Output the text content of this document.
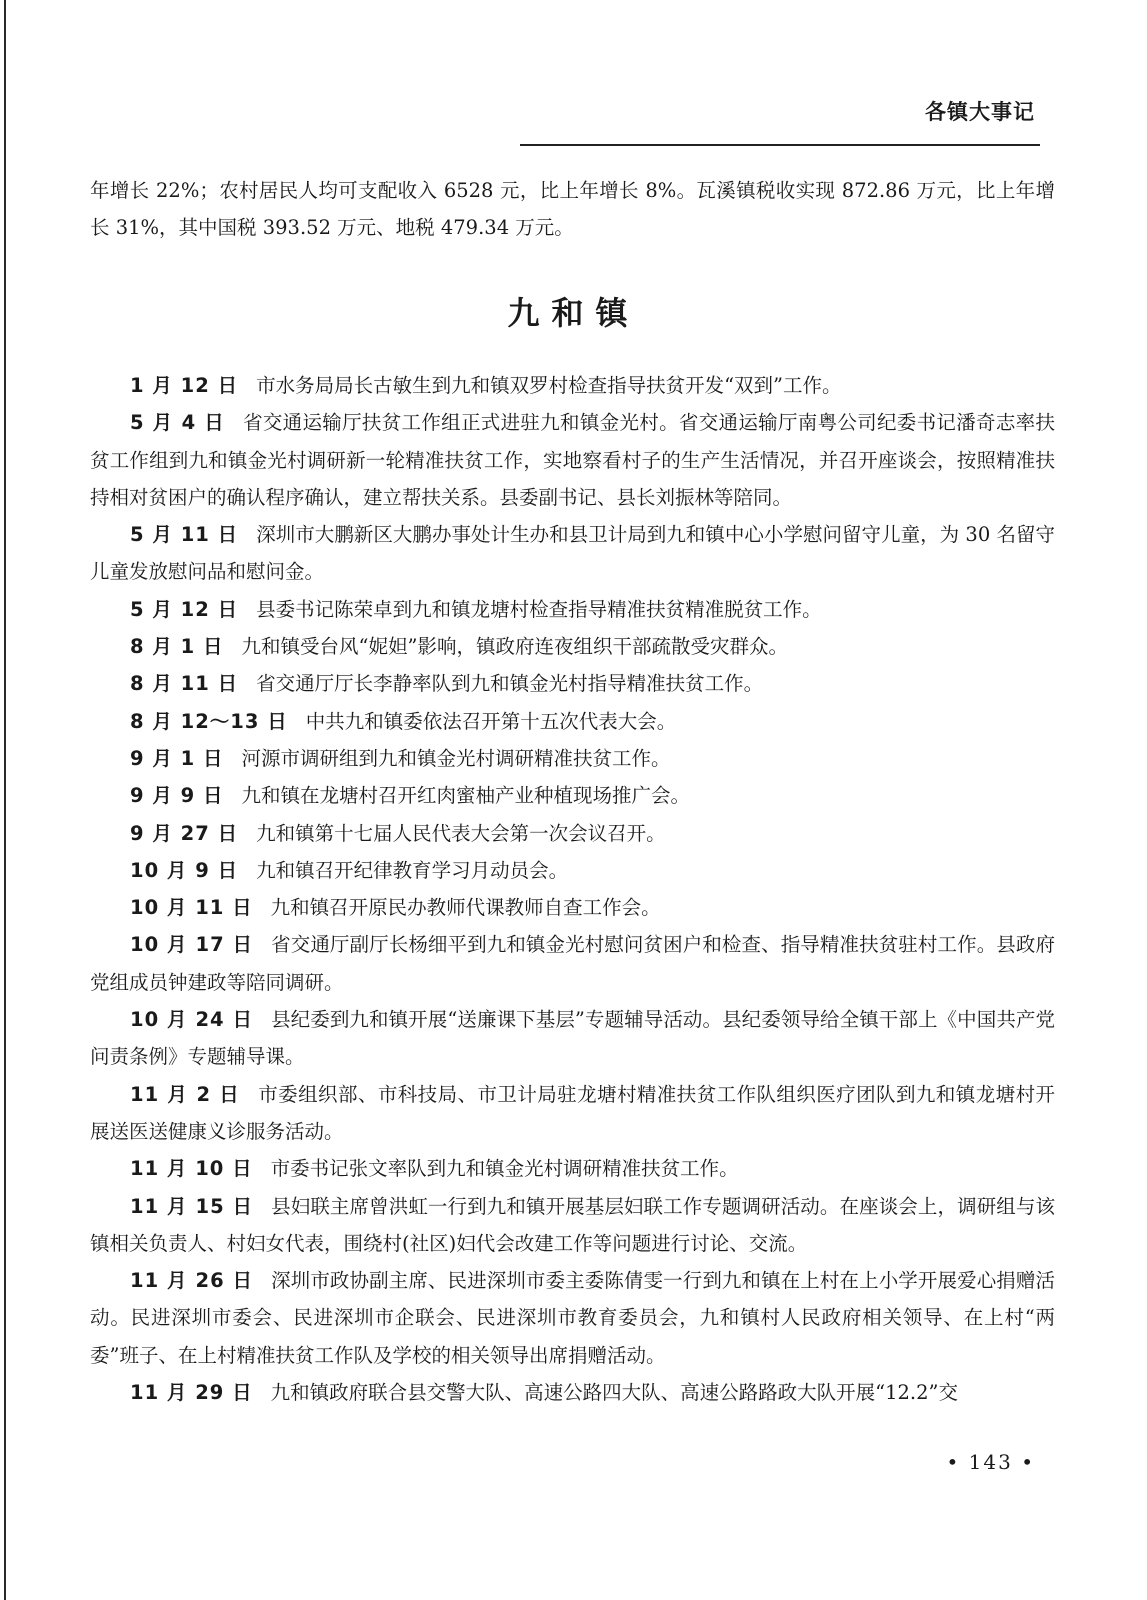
各镇大事记

年增长 22%；农村居民人均可支配收入 6528 元，比上年增长 8%。瓦溪镇税收实现 872.86 万元，比上年增长 31%，其中国税 393.52 万元、地税 479.34 万元。

九和镇

1 月 12 日 市水务局局长古敏生到九和镇双罗村检查指导扶贫开发“双到”工作。

5 月 4 日 省交通运输厅扶贫工作组正式进驻九和镇金光村。省交通运输厅南粤公司纪委书记潘奇志率扶贫工作组到九和镇金光村调研新一轮精准扶贫工作，实地察看村子的生产生活情况，并召开座谈会，按照精准扶持相对贫困户的确认程序确认，建立帮扶关系。县委副书记、县长刘振林等陪同。

5 月 11 日 深圳市大鹏新区大鹏办事处计生办和县卫计局到九和镇中心小学慰问留守儿童，为 30 名留守儿童发放慰问品和慰问金。

5 月 12 日 县委书记陈荣卓到九和镇龙塘村检查指导精准扶贫精准脱贫工作。

8 月 1 日 九和镇受台风“妮妲”影响，镇政府连夜组织干部疏散受灾群众。

8 月 11 日 省交通厅厅长李静率队到九和镇金光村指导精准扶贫工作。

8 月 12～13 日 中共九和镇委依法召开第十五次代表大会。

9 月 1 日 河源市调研组到九和镇金光村调研精准扶贫工作。

9 月 9 日 九和镇在龙塘村召开红肉蜜柚产业种植现场推广会。

9 月 27 日 九和镇第十七届人民代表大会第一次会议召开。

10 月 9 日 九和镇召开纪律教育学习月动员会。

10 月 11 日 九和镇召开原民办教师代课教师自查工作会。

10 月 17 日 省交通厅副厅长杨细平到九和镇金光村慰问贫困户和检查、指导精准扶贫驻村工作。县政府党组成员钟建政等陪同调研。

10 月 24 日 县纪委到九和镇开展“送廉课下基层”专题辅导活动。县纪委领导给全镇干部上《中国共产党问责条例》专题辅导课。

11 月 2 日 市委组织部、市科技局、市卫计局驻龙塘村精准扶贫工作队组织医疗团队到九和镇龙塘村开展送医送健康义诊服务活动。

11 月 10 日 市委书记张文率队到九和镇金光村调研精准扶贫工作。

11 月 15 日 县妇联主席曾洪虹一行到九和镇开展基层妇联工作专题调研活动。在座谈会上，调研组与该镇相关负责人、村妇女代表，围绕村(社区)妇代会改建工作等问题进行讨论、交流。

11 月 26 日 深圳市政协副主席、民进深圳市委主委陈倩雯一行到九和镇在上村在上小学开展爱心捐赠活动。民进深圳市委会、民进深圳市企联会、民进深圳市教育委员会，九和镇村人民政府相关领导、在上村“两委”班子、在上村精准扶贫工作队及学校的相关领导出席捐赠活动。

11 月 29 日 九和镇政府联合县交警大队、高速公路四大队、高速公路路政大队开展“12.2”交

• 143 •
